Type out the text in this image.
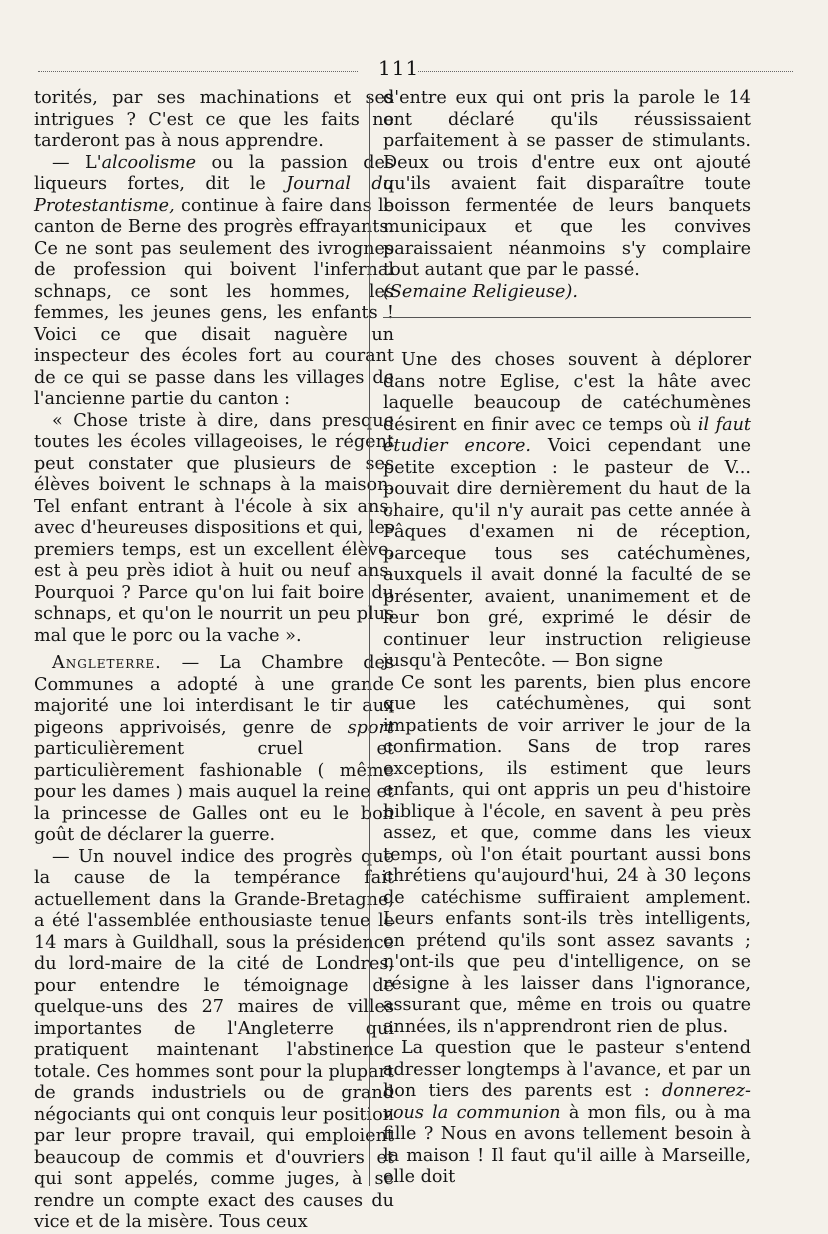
111

torités, par ses machinations et ses intrigues ? C'est ce que les faits ne tarderont pas à nous apprendre.

— L'alcoolisme ou la passion des liqueurs fortes, dit le Journal du Protestantisme, continue à faire dans le canton de Berne des progrès effrayants. Ce ne sont pas seulement des ivrognes de profession qui boivent l'infernal schnaps, ce sont les hommes, les femmes, les jeunes gens, les enfants ! Voici ce que disait naguère un inspecteur des écoles fort au courant de ce qui se passe dans les villages de l'ancienne partie du canton :

« Chose triste à dire, dans presque toutes les écoles villageoises, le régent peut constater que plusieurs de ses élèves boivent le schnaps à la maison. Tel enfant entrant à l'école à six ans, avec d'heureuses dispositions et qui, les premiers temps, est un excellent élève, est à peu près idiot à huit ou neuf ans. Pourquoi ? Parce qu'on lui fait boire du schnaps, et qu'on le nourrit un peu plus mal que le porc ou la vache ».

Angleterre. — La Chambre des Communes a adopté à une grande majorité une loi interdisant le tir aux pigeons apprivoisés, genre de sport particulièrement cruel et particulièrement fashionable ( même pour les dames ) mais auquel la reine et la princesse de Galles ont eu le bon goût de déclarer la guerre.

— Un nouvel indice des progrès que la cause de la tempérance fait actuellement dans la Grande-Bretagne, a été l'assemblée enthousiaste tenue le 14 mars à Guildhall, sous la présidence du lord-maire de la cité de Londres, pour entendre le témoignage de quelque-uns des 27 maires de villes importantes de l'Angleterre qui pratiquent maintenant l'abstinence totale. Ces hommes sont pour la plupart de grands industriels ou de grand négociants qui ont conquis leur position par leur propre travail, qui emploient beaucoup de commis et d'ouvriers et qui sont appelés, comme juges, à se rendre un compte exact des causes du vice et de la misère. Tous ceux

d'entre eux qui ont pris la parole le 14 ont déclaré qu'ils réussissaient parfaitement à se passer de stimulants. Deux ou trois d'entre eux ont ajouté qu'ils avaient fait disparaître toute boisson fermentée de leurs banquets municipaux et que les convives paraissaient néanmoins s'y complaire tout autant que par le passé.

(Semaine Religieuse).

Une des choses souvent à déplorer dans notre Eglise, c'est la hâte avec laquelle beaucoup de catéchumènes désirent en finir avec ce temps où il faut étudier encore. Voici cependant une petite exception : le pasteur de V... pouvait dire dernièrement du haut de la chaire, qu'il n'y aurait pas cette année à Pâques d'examen ni de réception, parceque tous ses catéchumènes, auxquels il avait donné la faculté de se présenter, avaient, unanimement et de leur bon gré, exprimé le désir de continuer leur instruction religieuse jusqu'à Pentecôte. — Bon signe

Ce sont les parents, bien plus encore que les catéchumènes, qui sont impatients de voir arriver le jour de la confirmation. Sans de trop rares exceptions, ils estiment que leurs enfants, qui ont appris un peu d'histoire biblique à l'école, en savent à peu près assez, et que, comme dans les vieux temps, où l'on était pourtant aussi bons chrétiens qu'aujourd'hui, 24 à 30 leçons de catéchisme suffiraient amplement. Leurs enfants sont-ils très intelligents, on prétend qu'ils sont assez savants ; n'ont-ils que peu d'intelligence, on se résigne à les laisser dans l'ignorance, assurant que, même en trois ou quatre années, ils n'apprendront rien de plus.

La question que le pasteur s'entend adresser longtemps à l'avance, et par un bon tiers des parents est : donnerez-vous la communion à mon fils, ou à ma fille ? Nous en avons tellement besoin à la maison ! Il faut qu'il aille à Marseille, elle doit
